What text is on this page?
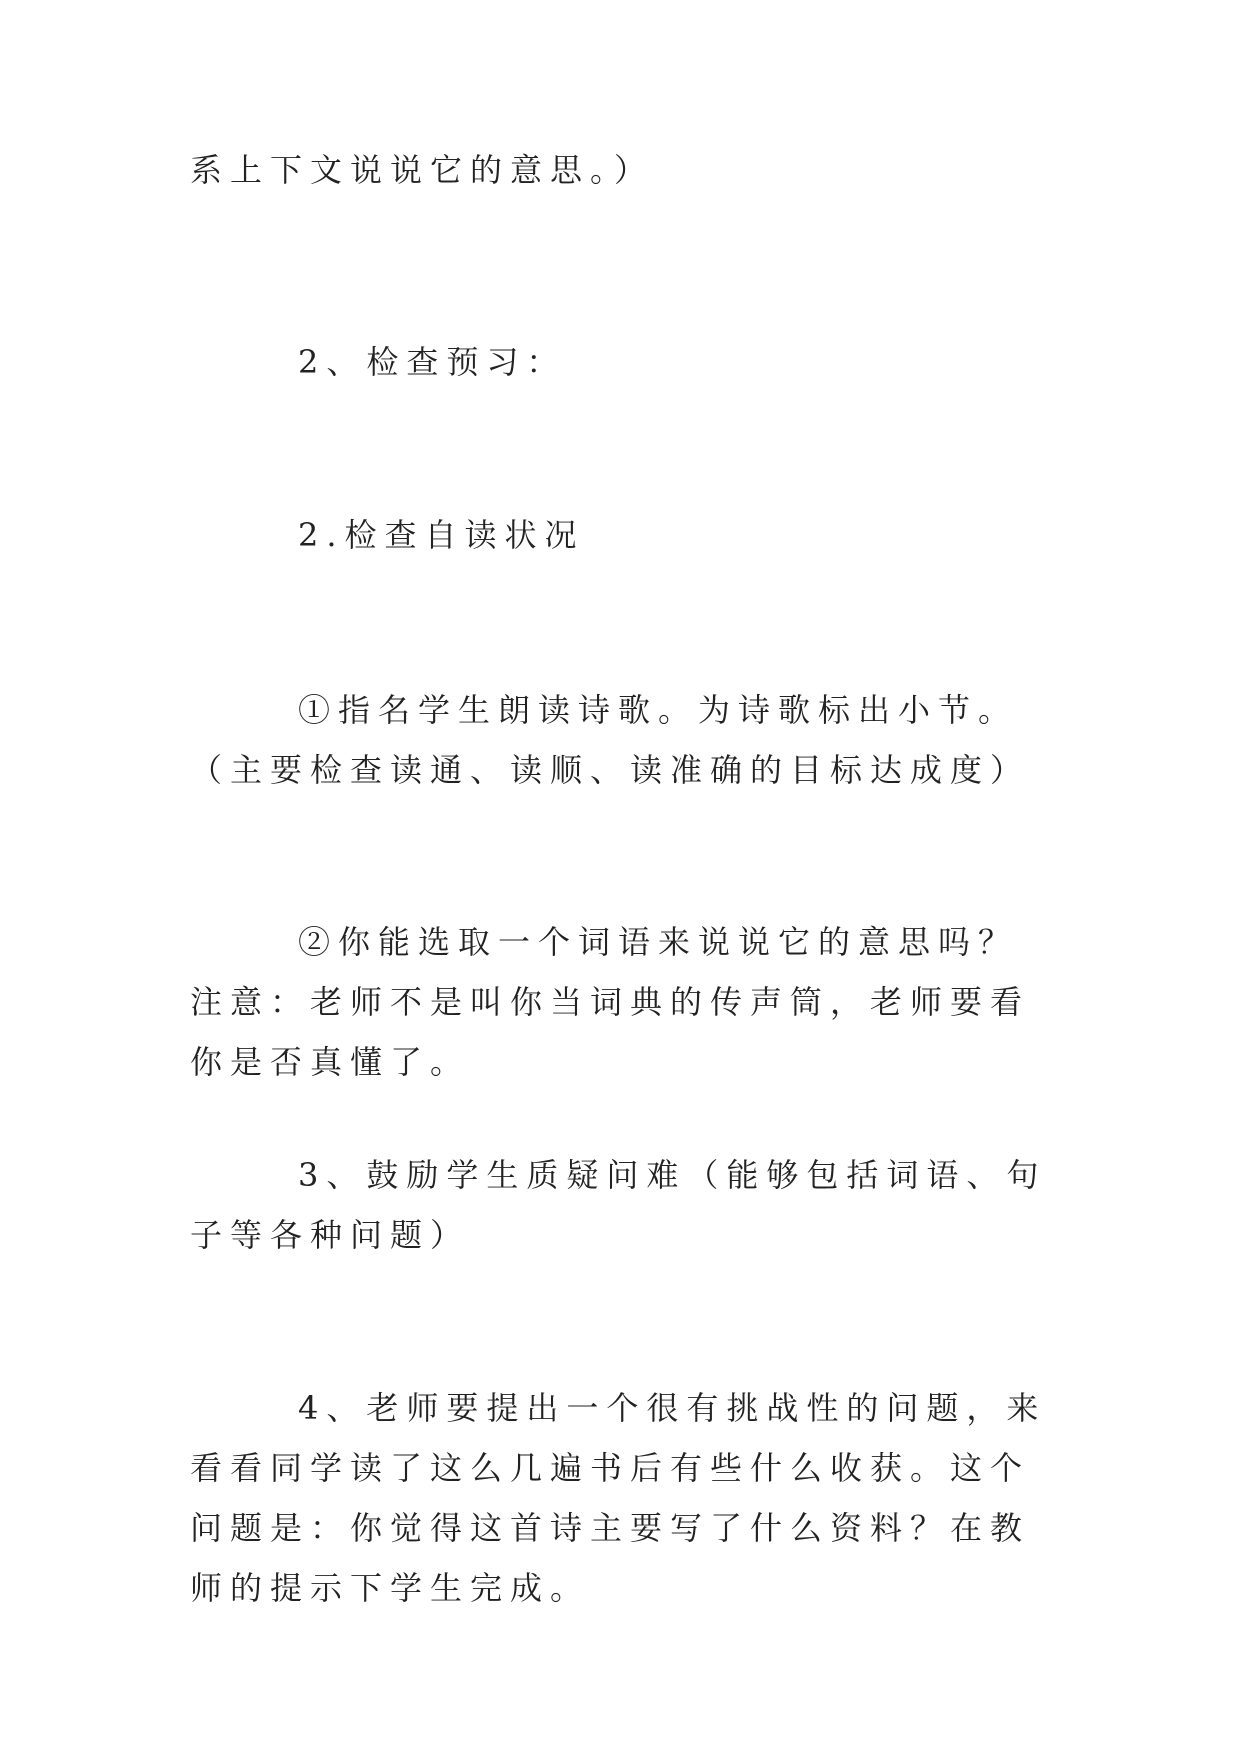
系上下文说说它的意思。）

2、检查预习：

2.检查自读状况

①指名学生朗读诗歌。为诗歌标出小节。（主要检查读通、读顺、读准确的目标达成度）

②你能选取一个词语来说说它的意思吗？注意：老师不是叫你当词典的传声筒，老师要看你是否真懂了。

3、鼓励学生质疑问难（能够包括词语、句子等各种问题）

4、老师要提出一个很有挑战性的问题，来看看同学读了这么几遍书后有些什么收获。这个问题是：你觉得这首诗主要写了什么资料？在教师的提示下学生完成。
